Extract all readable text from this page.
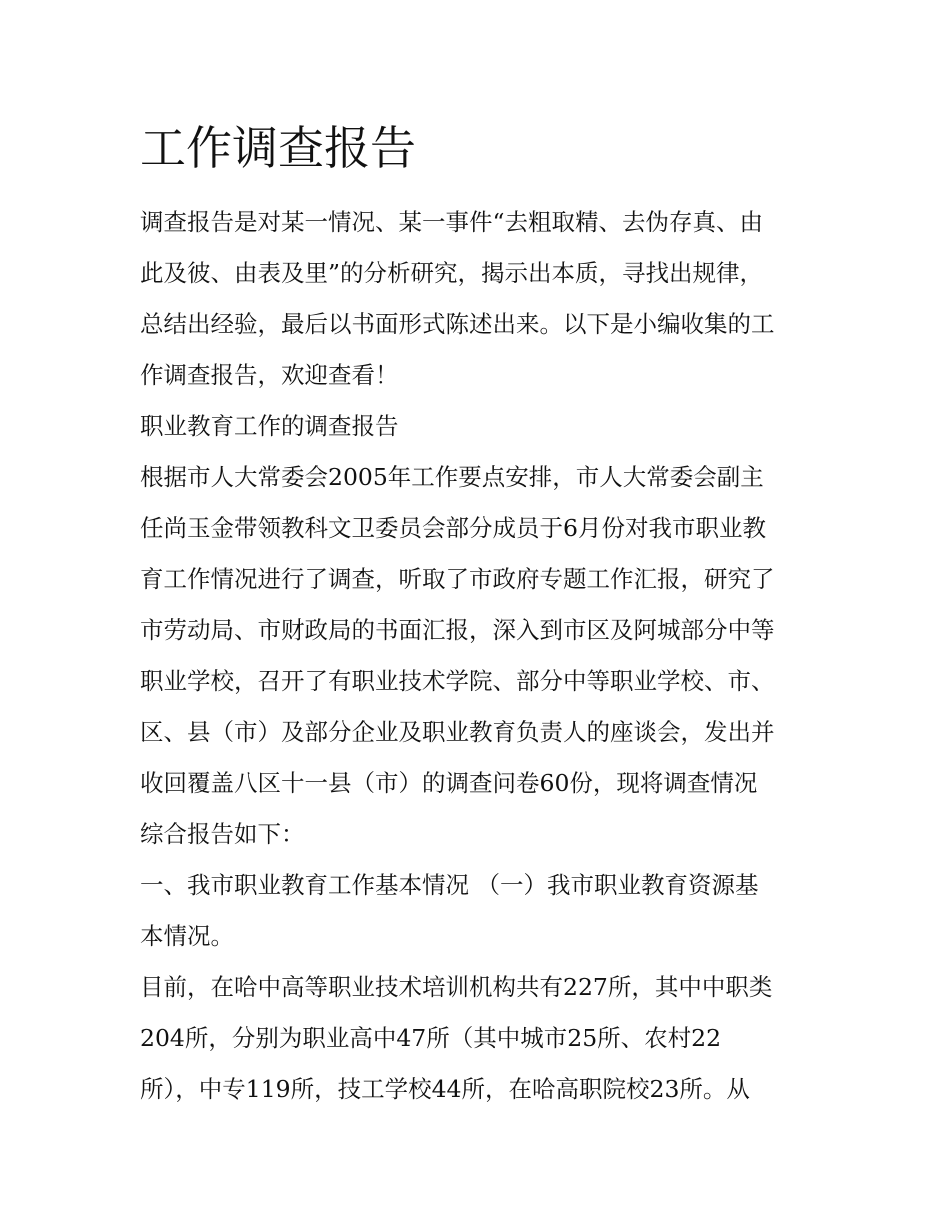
工作调查报告

调查报告是对某一情况、某一事件“去粗取精、去伪存真、由

此及彼、由表及里”的分析研究，揭示出本质，寻找出规律，

总结出经验，最后以书面形式陈述出来。以下是小编收集的工

作调查报告，欢迎查看！

职业教育工作的调查报告

根据市人大常委会2005年工作要点安排，市人大常委会副主

任尚玉金带领教科文卫委员会部分成员于6月份对我市职业教

育工作情况进行了调查，听取了市政府专题工作汇报，研究了

市劳动局、市财政局的书面汇报，深入到市区及阿城部分中等

职业学校，召开了有职业技术学院、部分中等职业学校、市、

区、县（市）及部分企业及职业教育负责人的座谈会，发出并

收回覆盖八区十一县（市）的调查问卷60份，现将调查情况

综合报告如下：

一、我市职业教育工作基本情况 （一）我市职业教育资源基

本情况。

目前，在哈中高等职业技术培训机构共有227所，其中中职类

204所，分别为职业高中47所（其中城市25所、农村22

所），中专119所，技工学校44所，在哈高职院校23所。从
